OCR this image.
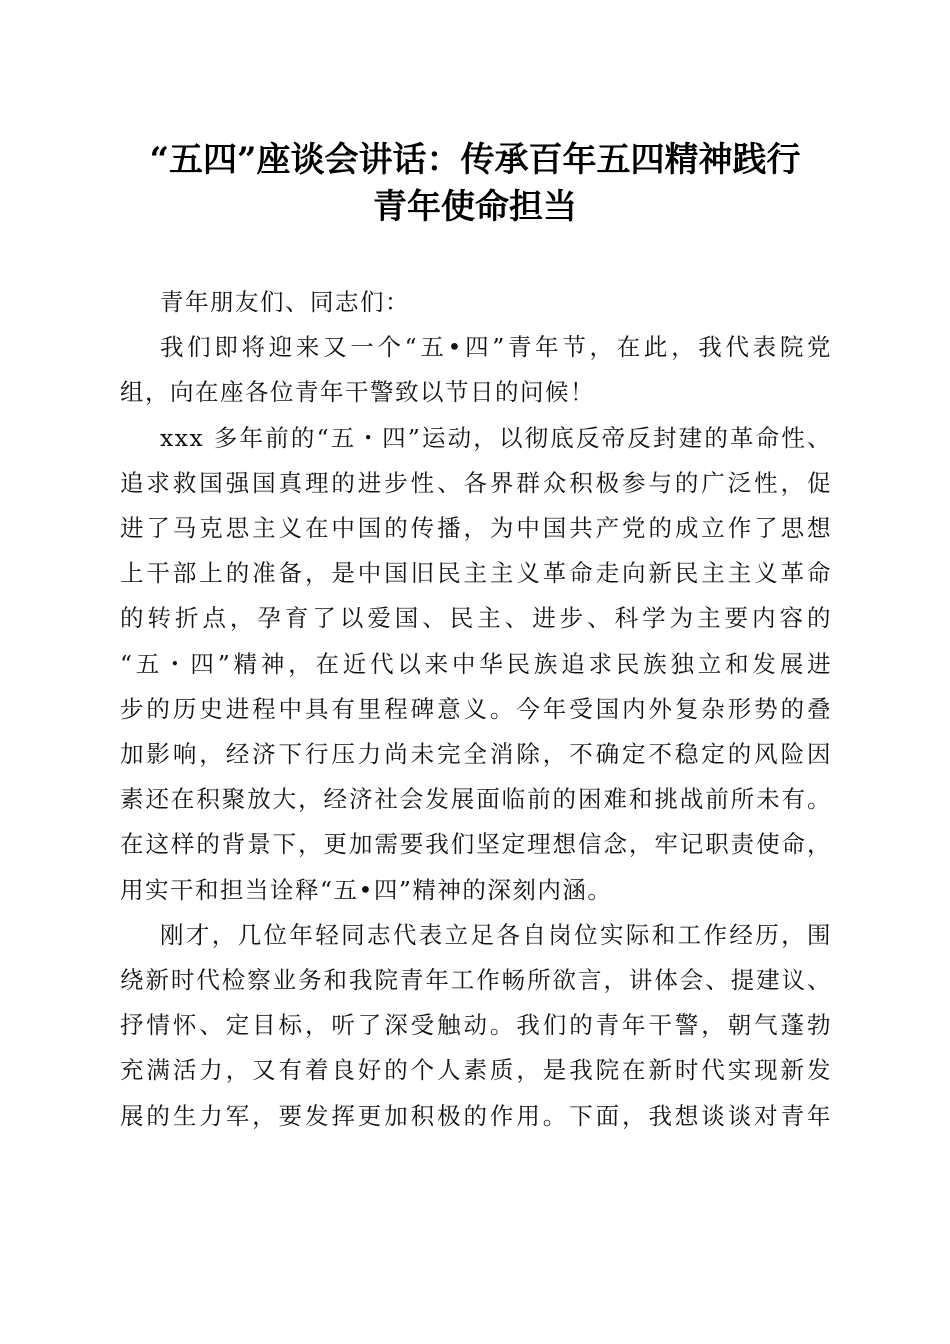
“五四”座谈会讲话：传承百年五四精神践行
青年使命担当
青年朋友们、同志们：
我们即将迎来又一个“五•四”青年节，在此，我代表院党
组，向在座各位青年干警致以节日的问候！
xxx 多年前的“五・四”运动，以彻底反帝反封建的革命性、
追求救国强国真理的进步性、各界群众积极参与的广泛性，促
进了马克思主义在中国的传播，为中国共产党的成立作了思想
上干部上的准备，是中国旧民主主义革命走向新民主主义革命
的转折点，孕育了以爱国、民主、进步、科学为主要内容的
“五・四”精神，在近代以来中华民族追求民族独立和发展进
步的历史进程中具有里程碑意义。今年受国内外复杂形势的叠
加影响，经济下行压力尚未完全消除，不确定不稳定的风险因
素还在积聚放大，经济社会发展面临前的困难和挑战前所未有。
在这样的背景下，更加需要我们坚定理想信念，牢记职责使命，
用实干和担当诠释“五•四”精神的深刻内涵。
刚才，几位年轻同志代表立足各自岗位实际和工作经历，围
绕新时代检察业务和我院青年工作畅所欲言，讲体会、提建议、
抒情怀、定目标，听了深受触动。我们的青年干警，朝气蓬勃
充满活力，又有着良好的个人素质，是我院在新时代实现新发
展的生力军，要发挥更加积极的作用。下面，我想谈谈对青年
